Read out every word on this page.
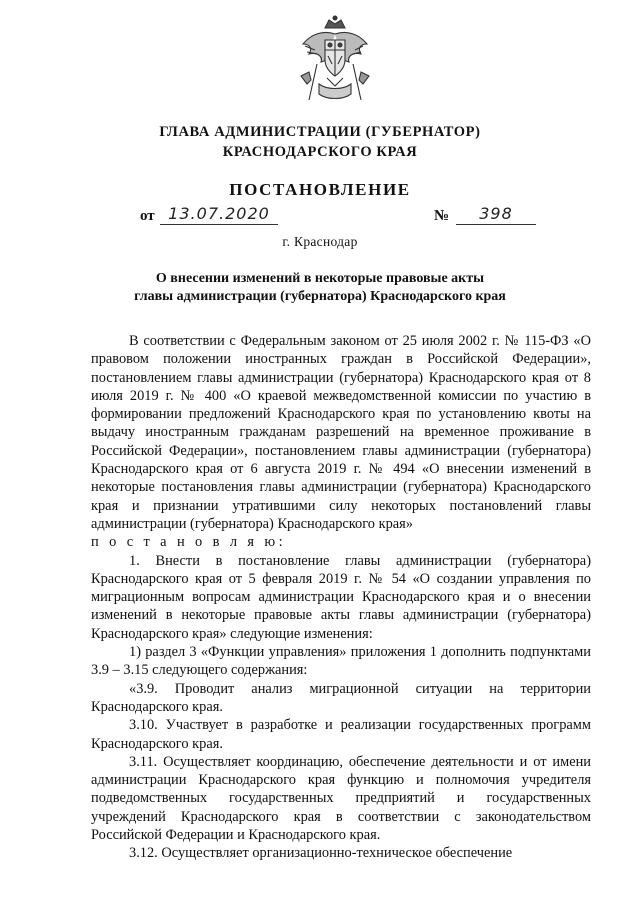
ГЛАВА АДМИНИСТРАЦИИ (ГУБЕРНАТОР)
КРАСНОДАРСКОГО КРАЯ
ПОСТАНОВЛЕНИЕ
от 13.07.2020	№	398
г. Краснодар
О внесении изменений в некоторые правовые акты
главы администрации (губернатора) Краснодарского края

В соответствии с Федеральным законом от 25 июля 2002 г. № 115-ФЗ «О правовом положении иностранных граждан в Российской Федерации», постановлением главы администрации (губернатора) Краснодарского края от 8 июля 2019 г. № 400 «О краевой межведомственной комиссии по участию в формировании предложений Краснодарского края по установлению квоты на выдачу иностранным гражданам разрешений на временное проживание в Российской Федерации», постановлением главы администрации (губернатора) Краснодарского края от 6 августа 2019 г. № 494 «О внесении изменений в некоторые постановления главы администрации (губернатора) Краснодарского края и признании утратившими силу некоторых постановлений главы администрации (губернатора) Краснодарского края»

п о с т а н о в л я ю:

1. Внести в постановление главы администрации (губернатора) Краснодарского края от 5 февраля 2019 г. № 54 «О создании управления по миграционным вопросам администрации Краснодарского края и о внесении изменений в некоторые правовые акты главы администрации (губернатора) Краснодарского края» следующие изменения:

1) раздел 3 «Функции управления» приложения 1 дополнить подпунктами 3.9 – 3.15 следующего содержания:

«3.9. Проводит анализ миграционной ситуации на территории Краснодарского края.

3.10. Участвует в разработке и реализации государственных программ Краснодарского края.

3.11. Осуществляет координацию, обеспечение деятельности и от имени администрации Краснодарского края функцию и полномочия учредителя подведомственных государственных предприятий и государственных учреждений Краснодарского края в соответствии с законодательством Российской Федерации и Краснодарского края.

3.12. Осуществляет организационно-техническое обеспечение
